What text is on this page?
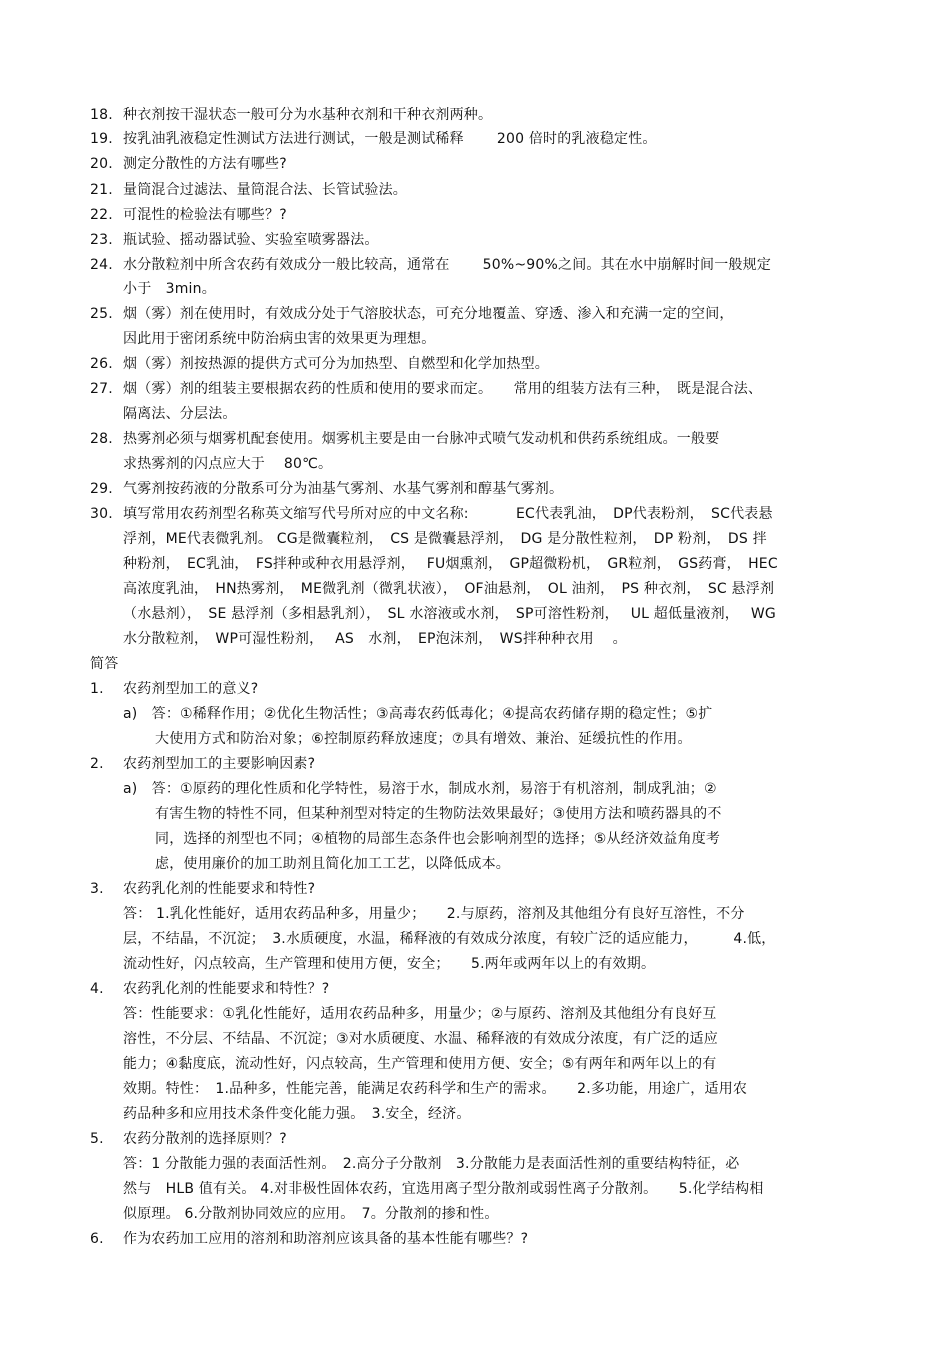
18. 种衣剂按干湿状态一般可分为水基种衣剂和干种衣剂两种。
19. 按乳油乳液稳定性测试方法进行测试，一般是测试稀释　　 200 倍时的乳液稳定性。
20. 测定分散性的方法有哪些?
21. 量筒混合过滤法、量筒混合法、长管试验法。
22. 可混性的检验法有哪些？?
23. 瓶试验、摇动器试验、实验室喷雾器法。
24. 水分散粒剂中所含农药有效成分一般比较高，通常在　　 50%~90%之间。其在水中崩解时间一般规定
小于　3min。
25. 烟（雾）剂在使用时，有效成分处于气溶胶状态，可充分地覆盖、穿透、渗入和充满一定的空间，
因此用于密闭系统中防治病虫害的效果更为理想。
26. 烟（雾）剂按热源的提供方式可分为加热型、自燃型和化学加热型。
27. 烟（雾）剂的组装主要根据农药的性质和使用的要求而定。　　常用的组装方法有三种，　既是混合法、
隔离法、分层法。
28. 热雾剂必须与烟雾机配套使用。烟雾机主要是由一台脉冲式喷气发动机和供药系统组成。一般要
求热雾剂的闪点应大于　 80℃。
29. 气雾剂按药液的分散系可分为油基气雾剂、水基气雾剂和醇基气雾剂。
30. 填写常用农药剂型名称英文缩写代号所对应的中文名称:　　　 EC代表乳油，　DP代表粉剂，　SC代表悬
浮剂，ME代表微乳剂。 CG是微囊粒剂，　CS 是微囊悬浮剂，　DG 是分散性粒剂，　DP 粉剂，　DS 拌
种粉剂，　EC乳油，　FS拌种或种衣用悬浮剂，　 FU烟熏剂，　GP超微粉机，　GR粒剂，　GS药膏，　HEC
高浓度乳油，　HN热雾剂，　ME微乳剂（微乳状液），　OF油悬剂，　OL 油剂，　PS 种衣剂，　SC 悬浮剂
（水悬剂），　SE 悬浮剂（多相悬乳剂），　SL 水溶液或水剂，　SP可溶性粉剂，　 UL 超低量液剂，　 WG
水分散粒剂，　WP可湿性粉剂，　 AS　水剂，　EP泡沫剂，　WS拌种种衣用　 。
简答
1. 农药剂型加工的意义?
a)　答：①稀释作用；②优化生物活性；③高毒农药低毒化；④提高农药储存期的稳定性；⑤扩
大使用方式和防治对象；⑥控制原药释放速度；⑦具有增效、兼治、延缓抗性的作用。
2. 农药剂型加工的主要影响因素?
a)　答：①原药的理化性质和化学特性，易溶于水，制成水剂，易溶于有机溶剂，制成乳油；②
有害生物的特性不同，但某种剂型对特定的生物防法效果最好；③使用方法和喷药器具的不
同，选择的剂型也不同；④植物的局部生态条件也会影响剂型的选择；⑤从经济效益角度考
虑，使用廉价的加工助剂且简化加工工艺，以降低成本。
3. 农药乳化剂的性能要求和特性?
答： 1.乳化性能好，适用农药品种多，用量少；　　2.与原药，溶剂及其他组分有良好互溶性，不分
层，不结晶，不沉淀；　3.水质硬度，水温，稀释液的有效成分浓度，有较广泛的适应能力，　　　4.低，
流动性好，闪点较高，生产管理和使用方便，安全；　　5.两年或两年以上的有效期。
4. 农药乳化剂的性能要求和特性？?
答：性能要求：①乳化性能好，适用农药品种多，用量少；②与原药、溶剂及其他组分有良好互
溶性，不分层、不结晶、不沉淀；③对水质硬度、水温、稀释液的有效成分浓度，有广泛的适应
能力；④黏度底，流动性好，闪点较高，生产管理和使用方便、安全；⑤有两年和两年以上的有
效期。特性：　1.品种多，性能完善，能满足农药科学和生产的需求。　　2.多功能，用途广，适用农
药品种多和应用技术条件变化能力强。　3.安全，经济。
5. 农药分散剂的选择原则？?
答：1 分散能力强的表面活性剂。　2.高分子分散剂　3.分散能力是表面活性剂的重要结构特征，必
然与　HLB 值有关。 4.对非极性固体农药，宜选用离子型分散剂或弱性离子分散剂。　　5.化学结构相
似原理。 6.分散剂协同效应的应用。　7。分散剂的掺和性。
6. 作为农药加工应用的溶剂和助溶剂应该具备的基本性能有哪些？?
